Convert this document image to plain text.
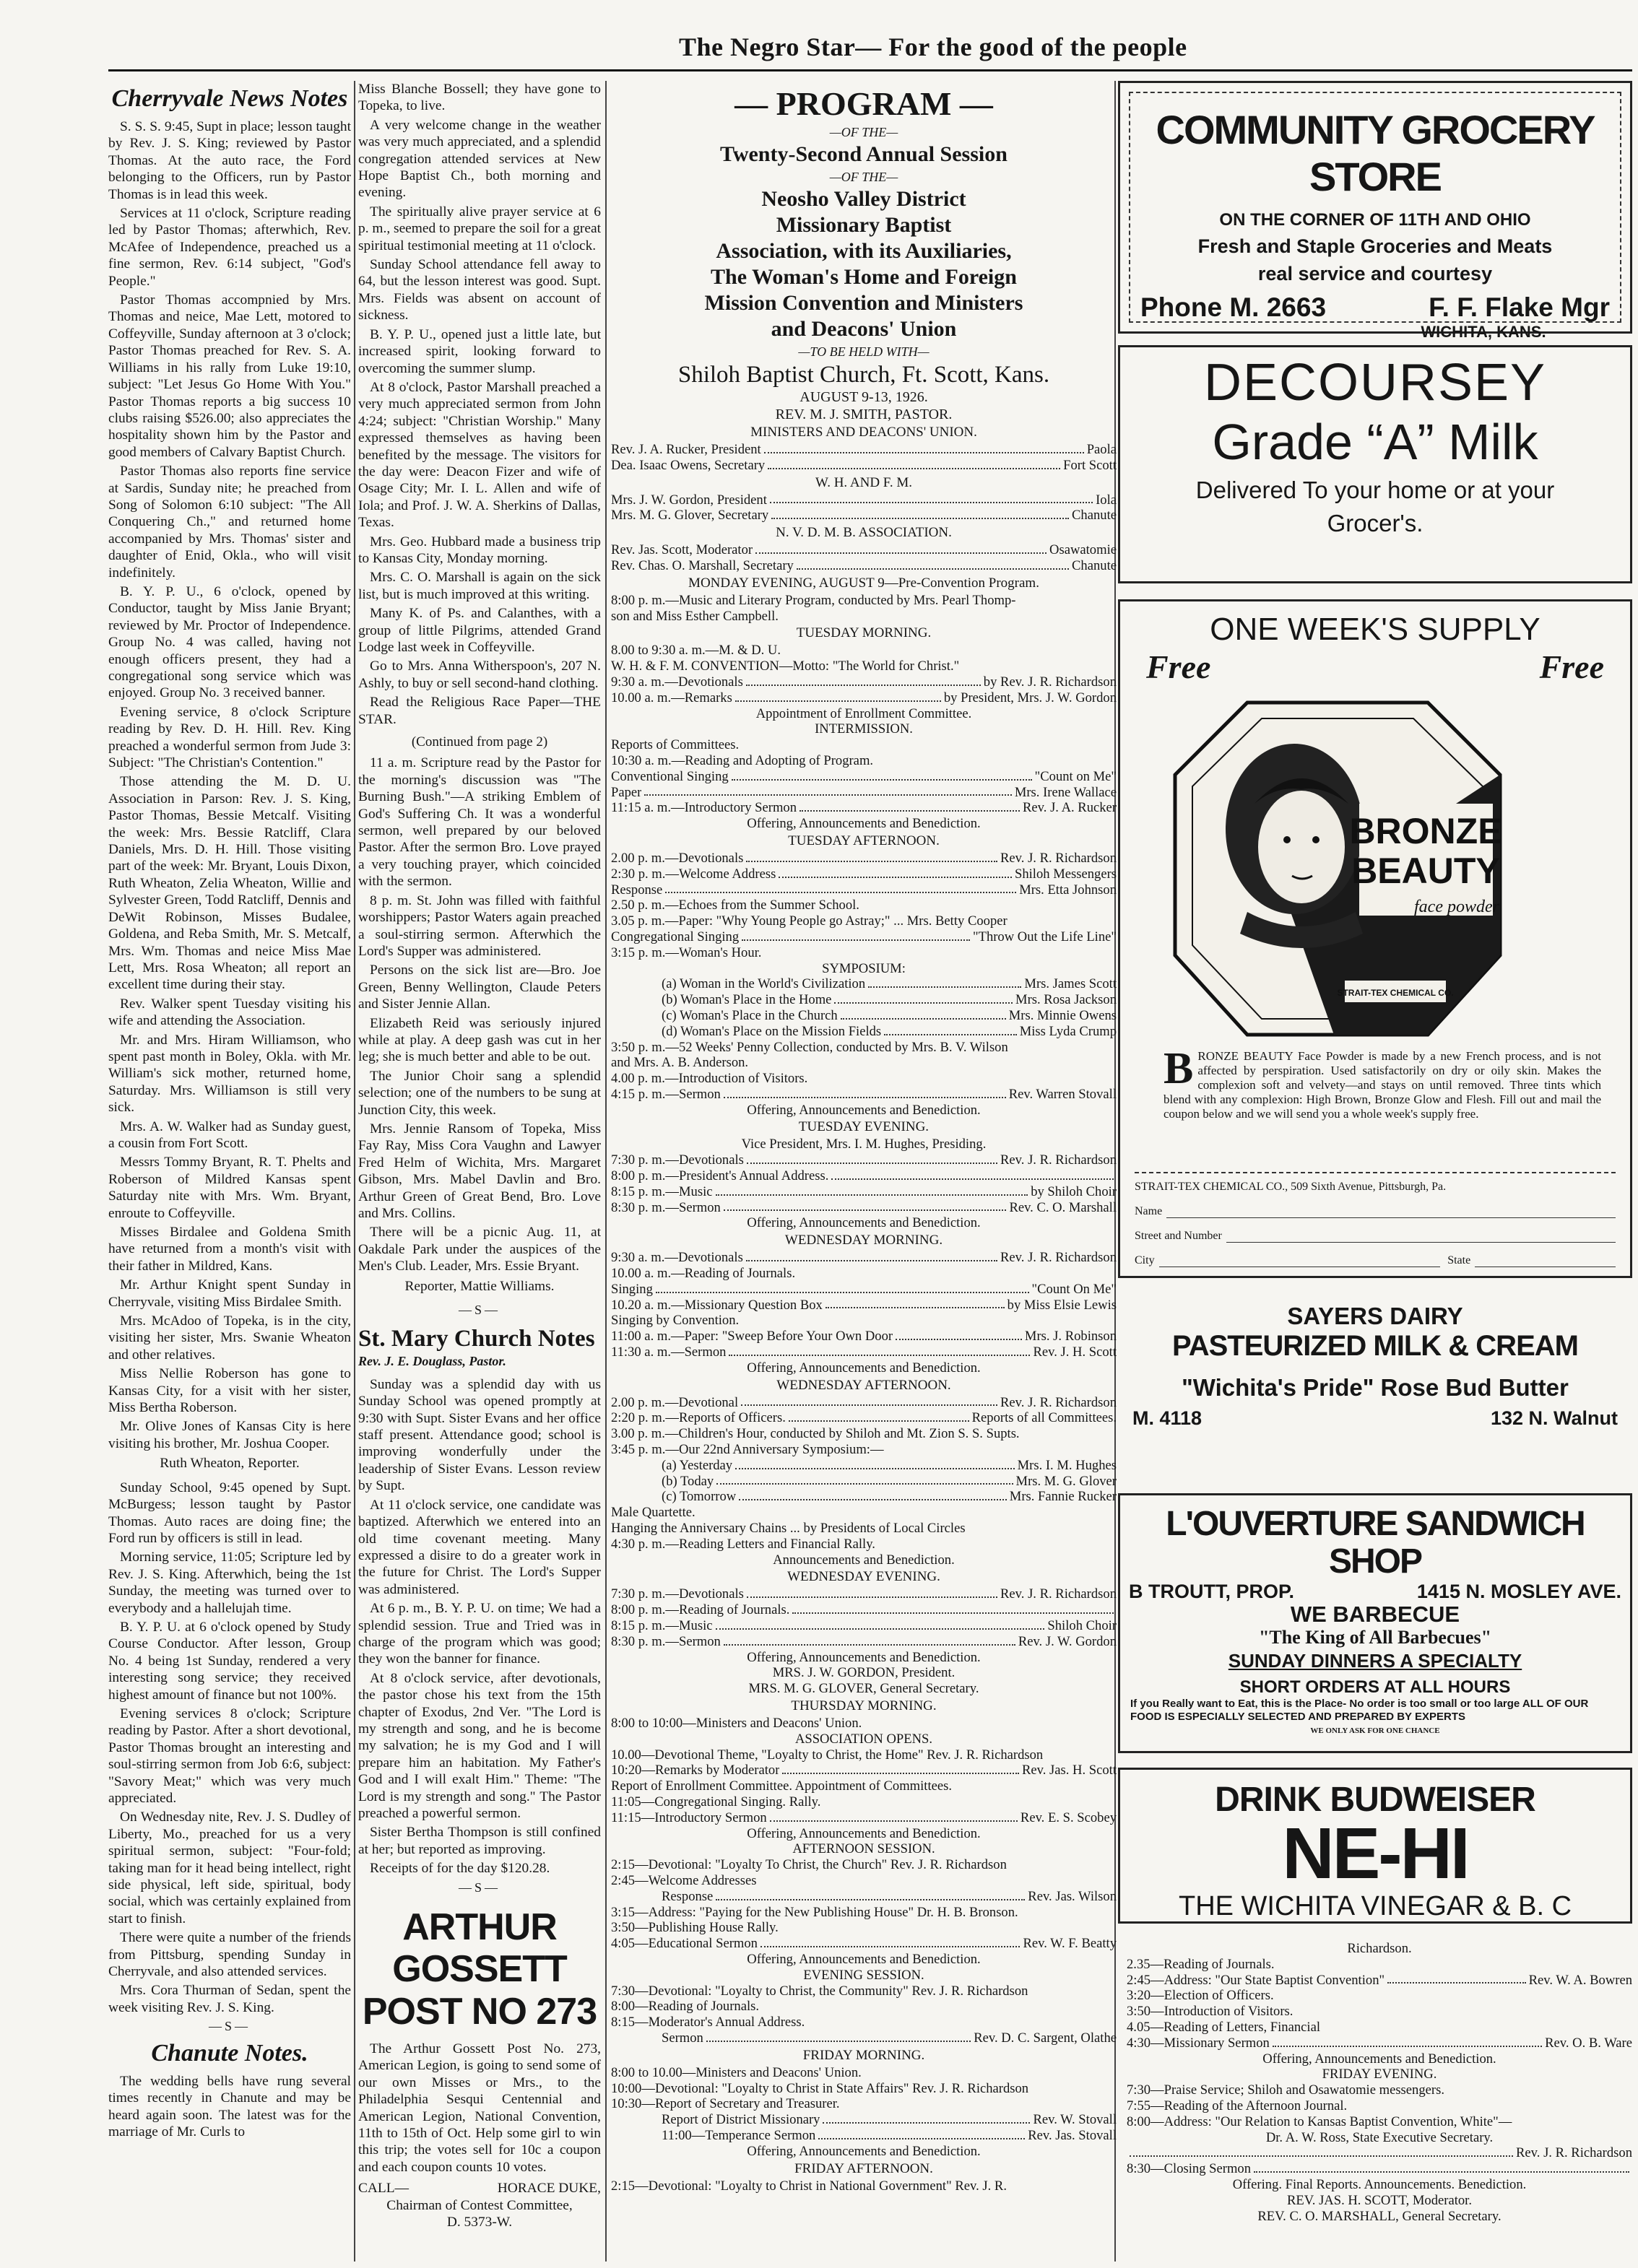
The Negro Star— For the good of the people
Cherryvale News Notes

S. S. S. 9:45, Supt in place; lesson taught by Rev. J. S. King; reviewed by Pastor Thomas. At the auto race, the Ford belonging to the Officers, run by Pastor Thomas is in lead this week.

Services at 11 o'clock, Scripture reading led by Pastor Thomas; afterwhich, Rev. McAfee of Independence, preached us a fine sermon, Rev. 6:14 subject, "God's People."

Pastor Thomas accompnied by Mrs. Thomas and neice, Mae Lett, motored to Coffeyville, Sunday afternoon at 3 o'clock; Pastor Thomas preached for Rev. S. A. Williams in his rally from Luke 19:10, subject: "Let Jesus Go Home With You." Pastor Thomas reports a big success 10 clubs raising $526.00; also appreciates the hospitality shown him by the Pastor and good members of Calvary Baptist Church.

Pastor Thomas also reports fine service at Sardis, Sunday nite; he preached from Song of Solomon 6:10 subject: "The All Conquering Ch.," and returned home accompanied by Mrs. Thomas' sister and daughter of Enid, Okla., who will visit indefinitely.

B. Y. P. U., 6 o'clock, opened by Conductor, taught by Miss Janie Bryant; reviewed by Mr. Proctor of Independence. Group No. 4 was called, having not enough officers present, they had a congregational song service which was enjoyed. Group No. 3 received banner.

Evening service, 8 o'clock Scripture reading by Rev. D. H. Hill. Rev. King preached a wonderful sermon from Jude 3: Subject: "The Christian's Contention."

Those attending the M. D. U. Association in Parson: Rev. J. S. King, Pastor Thomas, Bessie Metcalf. Visiting the week: Mrs. Bessie Ratcliff, Clara Daniels, Mrs. D. H. Hill. Those visiting part of the week: Mr. Bryant, Louis Dixon, Ruth Wheaton, Zelia Wheaton, Willie and Sylvester Green, Todd Ratcliff, Dennis and DeWit Robinson, Misses Budalee, Goldena, and Reba Smith, Mr. S. Metcalf, Mrs. Wm. Thomas and neice Miss Mae Lett, Mrs. Rosa Wheaton; all report an excellent time during their stay.

Rev. Walker spent Tuesday visiting his wife and attending the Association.

Mr. and Mrs. Hiram Williamson, who spent past month in Boley, Okla. with Mr. William's sick mother, returned home, Saturday. Mrs. Williamson is still very sick.

Mrs. A. W. Walker had as Sunday guest, a cousin from Fort Scott.

Messrs Tommy Bryant, R. T. Phelts and Roberson of Mildred Kansas spent Saturday nite with Mrs. Wm. Bryant, enroute to Coffeyville.

Misses Birdalee and Goldena Smith have returned from a month's visit with their father in Mildred, Kans.

Mr. Arthur Knight spent Sunday in Cherryvale, visiting Miss Birdalee Smith.

Mrs. McAdoo of Topeka, is in the city, visiting her sister, Mrs. Swanie Wheaton and other relatives.

Miss Nellie Roberson has gone to Kansas City, for a visit with her sister, Miss Bertha Roberson.

Mr. Olive Jones of Kansas City is here visiting his brother, Mr. Joshua Cooper.

Ruth Wheaton, Reporter.

Sunday School, 9:45 opened by Supt. McBurgess; lesson taught by Pastor Thomas. Auto races are doing fine; the Ford run by officers is still in lead.

Morning service, 11:05; Scripture led by Rev. J. S. King. Afterwhich, being the 1st Sunday, the meeting was turned over to everybody and a hallelujah time.

B. Y. P. U. at 6 o'clock opened by Study Course Conductor. After lesson, Group No. 4 being 1st Sunday, rendered a very interesting song service; they received highest amount of finance but not 100%.

Evening services 8 o'clock; Scripture reading by Pastor. After a short devotional, Pastor Thomas brought an interesting and soul-stirring sermon from Job 6:6, subject: "Savory Meat;" which was very much appreciated.

On Wednesday nite, Rev. J. S. Dudley of Liberty, Mo., preached for us a very spiritual sermon, subject: "Four-fold; taking man for it head being intellect, right side physical, left side, spiritual, body social, which was certainly explained from start to finish.

There were quite a number of the friends from Pittsburg, spending Sunday in Cherryvale, and also attended services.

Mrs. Cora Thurman of Sedan, spent the week visiting Rev. J. S. King.

—S—
Chanute Notes.

The wedding bells have rung several times recently in Chanute and may be heard again soon. The latest was for the marriage of Mr. Curls to

Miss Blanche Bossell; they have gone to Topeka, to live.

A very welcome change in the weather was very much appreciated, and a splendid congregation attended services at New Hope Baptist Ch., both morning and evening.

The spiritually alive prayer service at 6 p. m., seemed to prepare the soil for a great spiritual testimonial meeting at 11 o'clock.

Sunday School attendance fell away to 64, but the lesson interest was good. Supt. Mrs. Fields was absent on account of sickness.

B. Y. P. U., opened just a little late, but increased spirit, looking forward to overcoming the summer slump.

At 8 o'clock, Pastor Marshall preached a very much appreciated sermon from John 4:24; subject: "Christian Worship." Many expressed themselves as having been benefited by the message. The visitors for the day were: Deacon Fizer and wife of Osage City; Mr. I. L. Allen and wife of Iola; and Prof. J. W. A. Sherkins of Dallas, Texas.

Mrs. Geo. Hubbard made a business trip to Kansas City, Monday morning.

Mrs. C. O. Marshall is again on the sick list, but is much improved at this writing.

Many K. of Ps. and Calanthes, with a group of little Pilgrims, attended Grand Lodge last week in Coffeyville.

Go to Mrs. Anna Witherspoon's, 207 N. Ashly, to buy or sell second-hand clothing.

Read the Religious Race Paper—THE STAR.

(Continued from page 2)

11 a. m. Scripture read by the Pastor for the morning's discussion was "The Burning Bush."—A striking Emblem of God's Suffering Ch. It was a wonderful sermon, well prepared by our beloved Pastor. After the sermon Bro. Love prayed a very touching prayer, which coincided with the sermon.

8 p. m. St. John was filled with faithful worshippers; Pastor Waters again preached a soul-stirring sermon. Afterwhich the Lord's Supper was administered.

Persons on the sick list are—Bro. Joe Green, Benny Wellington, Claude Peters and Sister Jennie Allan.

Elizabeth Reid was seriously injured while at play. A deep gash was cut in her leg; she is much better and able to be out.

The Junior Choir sang a splendid selection; one of the numbers to be sung at Junction City, this week.

Mrs. Jennie Ransom of Topeka, Miss Fay Ray, Miss Cora Vaughn and Lawyer Fred Helm of Wichita, Mrs. Margaret Gibson, Mrs. Mabel Davlin and Bro. Arthur Green of Great Bend, Bro. Love and Mrs. Collins.

There will be a picnic Aug. 11, at Oakdale Park under the auspices of the Men's Club. Leader, Mrs. Essie Bryant.

Reporter, Mattie Williams.
—S—
St. Mary Church Notes
Rev. J. E. Douglass, Pastor.

Sunday was a splendid day with us Sunday School was opened promptly at 9:30 with Supt. Sister Evans and her office staff present. Attendance good; school is improving wonderfully under the leadership of Sister Evans. Lesson review by Supt.

At 11 o'clock service, one candidate was baptized. Afterwhich we entered into an old time covenant meeting. Many expressed a disire to do a greater work in the future for Christ. The Lord's Supper was administered.

At 6 p. m., B. Y. P. U. on time; We had a splendid session. True and Tried was in charge of the program which was good; they won the banner for finance.

At 8 o'clock service, after devotionals, the pastor chose his text from the 15th chapter of Exodus, 2nd Ver. "The Lord is my strength and song, and he is become my salvation; he is my God and I will prepare him an habitation. My Father's God and I will exalt Him." Theme: "The Lord is my strength and song." The Pastor preached a powerful sermon.

Sister Bertha Thompson is still confined at her; but reported as improving.

Receipts of for the day $120.28.

—S—
ARTHUR GOSSETT
POST NO 273

The Arthur Gossett Post No. 273, American Legion, is going to send some of our own Misses or Mrs., to the Philadelphia Sesqui Centennial and American Legion, National Convention, 11th to 15th of Oct. Help some girl to win this trip; the votes sell for 10c a coupon and each coupon counts 10 votes.

CALL—	HORACE DUKE,
Chairman of Contest Committee,
D. 5373-W.
— PROGRAM —
—OF THE—
Twenty-Second Annual Session
—OF THE—
Neosho Valley District
Missionary Baptist
Association, with its Auxiliaries,
The Woman's Home and Foreign
Mission Convention and Ministers
and Deacons' Union
—TO BE HELD WITH—
Shiloh Baptist Church, Ft. Scott, Kans.
AUGUST 9-13, 1926.
REV. M. J. SMITH, PASTOR.
MINISTERS AND DEACONS' UNION.
Rev. J. A. Rucker, President	Paola
Dea. Isaac Owens, Secretary	Fort Scott
W. H. AND F. M.
Mrs. J. W. Gordon, President	Iola
Mrs. M. G. Glover, Secretary	Chanute
N. V. D. M. B. ASSOCIATION.
Rev. Jas. Scott, Moderator	Osawatomie
Rev. Chas. O. Marshall, Secretary	Chanute
MONDAY EVENING, AUGUST 9—Pre-Convention Program.
8:00 p. m.—Music and Literary Program, conducted by Mrs. Pearl Thomp-
son and Miss Esther Campbell.
TUESDAY MORNING.
8.00 to 9:30 a. m.—M. & D. U.
W. H. & F. M. CONVENTION—Motto: "The World for Christ."
9:30 a. m.—Devotionals	by Rev. J. R. Richardson
10.00 a. m.—Remarks	by President, Mrs. J. W. Gordon
Appointment of Enrollment Committee.
INTERMISSION.
Reports of Committees.
10:30 a. m.—Reading and Adopting of Program.
Conventional Singing	"Count on Me"
Paper	Mrs. Irene Wallace
11:15 a. m.—Introductory Sermon	Rev. J. A. Rucker
Offering, Announcements and Benediction.
TUESDAY AFTERNOON.
2.00 p. m.—Devotionals	Rev. J. R. Richardson
2:30 p. m.—Welcome Address	Shiloh Messengers
Response	Mrs. Etta Johnson
2.50 p. m.—Echoes from the Summer School.
3.05 p. m.—Paper: "Why Young People go Astray;" ... Mrs. Betty Cooper
Congregational Singing	"Throw Out the Life Line"
3:15 p. m.—Woman's Hour.
SYMPOSIUM:
(a) Woman in the World's Civilization	Mrs. James Scott
(b) Woman's Place in the Home	Mrs. Rosa Jackson
(c) Woman's Place in the Church	Mrs. Minnie Owens
(d) Woman's Place on the Mission Fields	Miss Lyda Crump
3:50 p. m.—52 Weeks' Penny Collection, conducted by Mrs. B. V. Wilson
and Mrs. A. B. Anderson.
4.00 p. m.—Introduction of Visitors.
4:15 p. m.—Sermon	Rev. Warren Stovall
Offering, Announcements and Benediction.
TUESDAY EVENING.
Vice President, Mrs. I. M. Hughes, Presiding.
7:30 p. m.—Devotionals	Rev. J. R. Richardson
8:00 p. m.—President's Annual Address.
8:15 p. m.—Music	by Shiloh Choir
8:30 p. m.—Sermon	Rev. C. O. Marshall
Offering, Announcements and Benediction.
WEDNESDAY MORNING.
9:30 a. m.—Devotionals	Rev. J. R. Richardson
10.00 a. m.—Reading of Journals.
Singing	"Count On Me"
10.20 a. m.—Missionary Question Box	by Miss Elsie Lewis
Singing by Convention.
11:00 a. m.—Paper: "Sweep Before Your Own Door	Mrs. J. Robinson
11:30 a. m.—Sermon	Rev. J. H. Scott
Offering, Announcements and Benediction.
WEDNESDAY AFTERNOON.
2.00 p. m.—Devotional	Rev. J. R. Richardson
2:20 p. m.—Reports of Officers.	Reports of all Committees.
3.00 p. m.—Children's Hour, conducted by Shiloh and Mt. Zion S. S. Supts.
3:45 p. m.—Our 22nd Anniversary Symposium:—
(a) Yesterday	Mrs. I. M. Hughes
(b) Today	Mrs. M. G. Glover
(c) Tomorrow	Mrs. Fannie Rucker
Male Quartette.
Hanging the Anniversary Chains ... by Presidents of Local Circles
4:30 p. m.—Reading Letters and Financial Rally.
Announcements and Benediction.
WEDNESDAY EVENING.
7:30 p. m.—Devotionals	Rev. J. R. Richardson
8:00 p. m.—Reading of Journals.
8:15 p. m.—Music	Shiloh Choir
8:30 p. m.—Sermon	Rev. J. W. Gordon
Offering, Announcements and Benediction.
MRS. J. W. GORDON, President.
MRS. M. G. GLOVER, General Secretary.
THURSDAY MORNING.
8:00 to 10:00—Ministers and Deacons' Union.
ASSOCIATION OPENS.
10.00—Devotional Theme, "Loyalty to Christ, the Home" Rev. J. R. Richardson
10:20—Remarks by Moderator	Rev. Jas. H. Scott
Report of Enrollment Committee. Appointment of Committees.
11:05—Congregational Singing. Rally.
11:15—Introductory Sermon	Rev. E. S. Scobey
Offering, Announcements and Benediction.
AFTERNOON SESSION.
2:15—Devotional: "Loyalty To Christ, the Church" Rev. J. R. Richardson
2:45—Welcome Addresses
Response	Rev. Jas. Wilson
3:15—Address: "Paying for the New Publishing House" Dr. H. B. Bronson.
3:50—Publishing House Rally.
4:05—Educational Sermon	Rev. W. F. Beatty
Offering, Announcements and Benediction.
EVENING SESSION.
7:30—Devotional: "Loyalty to Christ, the Community" Rev. J. R. Richardson
8:00—Reading of Journals.
8:15—Moderator's Annual Address.
Sermon	Rev. D. C. Sargent, Olathe
FRIDAY MORNING.
8:00 to 10.00—Ministers and Deacons' Union.
10:00—Devotional: "Loyalty to Christ in State Affairs" Rev. J. R. Richardson
10:30—Report of Secretary and Treasurer.
Report of District Missionary	Rev. W. Stovall
11:00—Temperance Sermon	Rev. Jas. Stovall
Offering, Announcements and Benediction.
FRIDAY AFTERNOON.
2:15—Devotional: "Loyalty to Christ in National Government" Rev. J. R.
COMMUNITY GROCERY STORE
ON THE CORNER OF 11TH AND OHIO
Fresh and Staple Groceries and Meats
real service and courtesy
Phone M. 2663	F. F. Flake Mgr
WICHITA, KANS.
DECOURSEY
Grade “A” Milk
Delivered To your home or at your
Grocer's.
ONE WEEK'S SUPPLY
Free	Free
BRONZE
BEAUTY
face powder
STRAIT-TEX CHEMICAL CO.
BRONZE BEAUTY Face Powder is made by a new French process, and is not affected by perspiration. Used satisfactorily on dry or oily skin. Makes the complexion soft and velvety—and stays on until removed. Three tints which blend with any complexion: High Brown, Bronze Glow and Flesh. Fill out and mail the coupon below and we will send you a whole week's supply free.
STRAIT-TEX CHEMICAL CO., 509 Sixth Avenue, Pittsburgh, Pa.
Name
Street and Number
City	State
SAYERS DAIRY
PASTEURIZED MILK & CREAM
"Wichita's Pride" Rose Bud Butter
M. 4118	132 N. Walnut
L'OUVERTURE SANDWICH SHOP
B TROUTT, PROP.	1415 N. MOSLEY AVE.
WE BARBECUE
"The King of All Barbecues"
SUNDAY DINNERS A SPECIALTY
SHORT ORDERS AT ALL HOURS
If you Really want to Eat, this is the Place- No order is too small or too large ALL OF OUR FOOD IS ESPECIALLY SELECTED AND PREPARED BY EXPERTS
WE ONLY ASK FOR ONE CHANCE
DRINK BUDWEISER
NE-HI
THE WICHITA VINEGAR & B. C
Richardson.
2.35—Reading of Journals.
2:45—Address: "Our State Baptist Convention"	Rev. W. A. Bowren
3:20—Election of Officers.
3:50—Introduction of Visitors.
4.05—Reading of Letters, Financial
4:30—Missionary Sermon	Rev. O. B. Ware
Offering, Announcements and Benediction.
FRIDAY EVENING.
7:30—Praise Service; Shiloh and Osawatomie messengers.
7:55—Reading of the Afternoon Journal.
8:00—Address: "Our Relation to Kansas Baptist Convention, White"—
Dr. A. W. Ross, State Executive Secretary.
Rev. J. R. Richardson
8:30—Closing Sermon
Offering. Final Reports. Announcements. Benediction.
REV. JAS. H. SCOTT, Moderator.
REV. C. O. MARSHALL, General Secretary.
